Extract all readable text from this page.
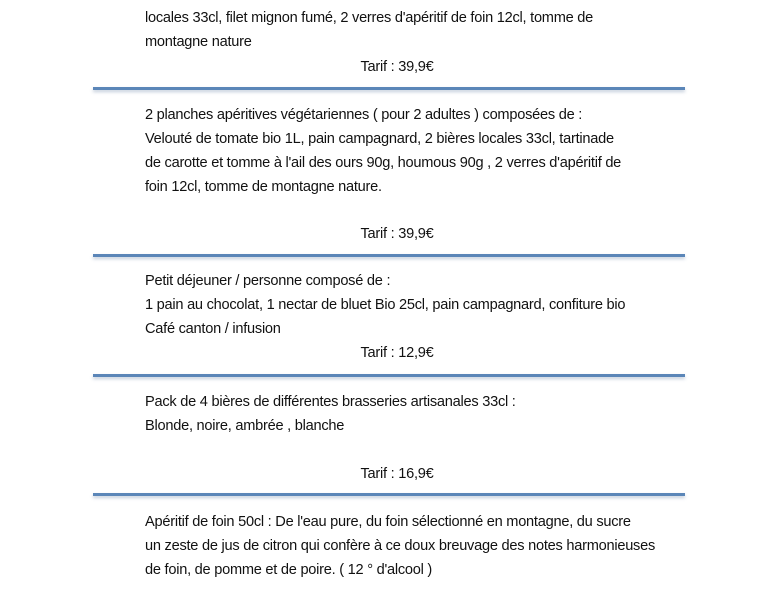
locales 33cl, filet mignon fumé, 2 verres d'apéritif de foin 12cl, tomme de
montagne nature
Tarif : 39,9€
2 planches apéritives végétariennes ( pour 2 adultes ) composées de :
Velouté de tomate bio 1L, pain campagnard, 2 bières locales 33cl, tartinade
de carotte et tomme à l'ail des ours 90g, houmous 90g , 2 verres d'apéritif de
foin 12cl, tomme de montagne nature.
Tarif : 39,9€
Petit déjeuner / personne composé de :
1 pain au chocolat, 1 nectar de bluet Bio 25cl, pain campagnard, confiture bio
Café canton / infusion
Tarif : 12,9€
Pack de 4 bières de différentes brasseries artisanales 33cl :
Blonde, noire, ambrée , blanche
Tarif : 16,9€
Apéritif de foin 50cl : De l'eau pure, du foin sélectionné en montagne, du sucre
un zeste de jus de citron qui confère à ce doux breuvage des notes harmonieuses
de foin, de pomme et de poire. ( 12 ° d'alcool )
